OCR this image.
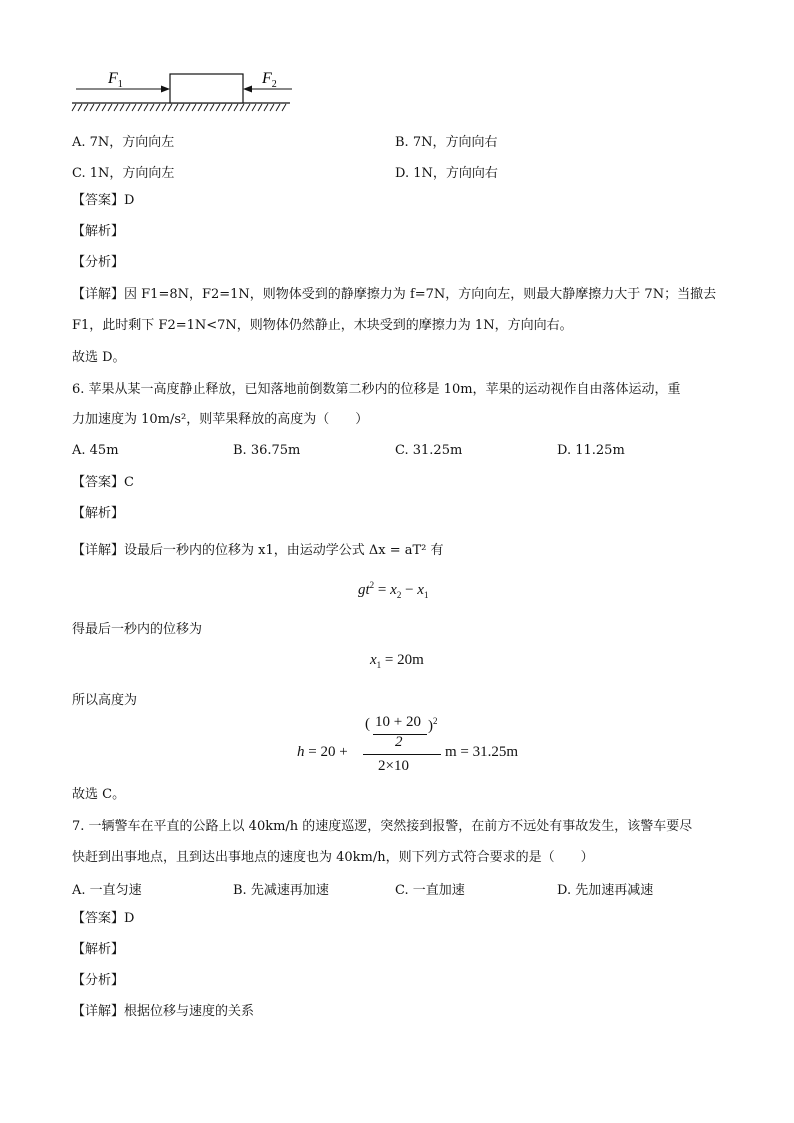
$F_1$	$F_2$
A. 7N，方向向左	B. 7N，方向向右
C. 1N，方向向左	D. 1N，方向向右
【答案】D
【解析】
【分析】
【详解】因 F1=8N，F2=1N，则物体受到的静摩擦力为 f=7N，方向向左，则最大静摩擦力大于 7N；当撤去
F1，此时剩下 F2=1N<7N，则物体仍然静止，木块受到的摩擦力为 1N，方向向右。
故选 D。
6. 苹果从某一高度静止释放，已知落地前倒数第二秒内的位移是 10m，苹果的运动视作自由落体运动，重
力加速度为 10m/s²，则苹果释放的高度为（　　）
A. 45m	B. 36.75m	C. 31.25m	D. 11.25m
【答案】C
【解析】
【详解】设最后一秒内的位移为 x1，由运动学公式 Δx = aT² 有
$gt^2 = x_2 - x_1$
得最后一秒内的位移为
$x_1 = 20m$
所以高度为
h = 20 +
( 10 + 20
2
)$^2$
2×10
m = 31.25m
故选 C。
7. 一辆警车在平直的公路上以 40km/h 的速度巡逻，突然接到报警，在前方不远处有事故发生，该警车要尽
快赶到出事地点，且到达出事地点的速度也为 40km/h，则下列方式符合要求的是（　　）
A. 一直匀速	B. 先减速再加速	C. 一直加速	D. 先加速再减速
【答案】D
【解析】
【分析】
【详解】根据位移与速度的关系
